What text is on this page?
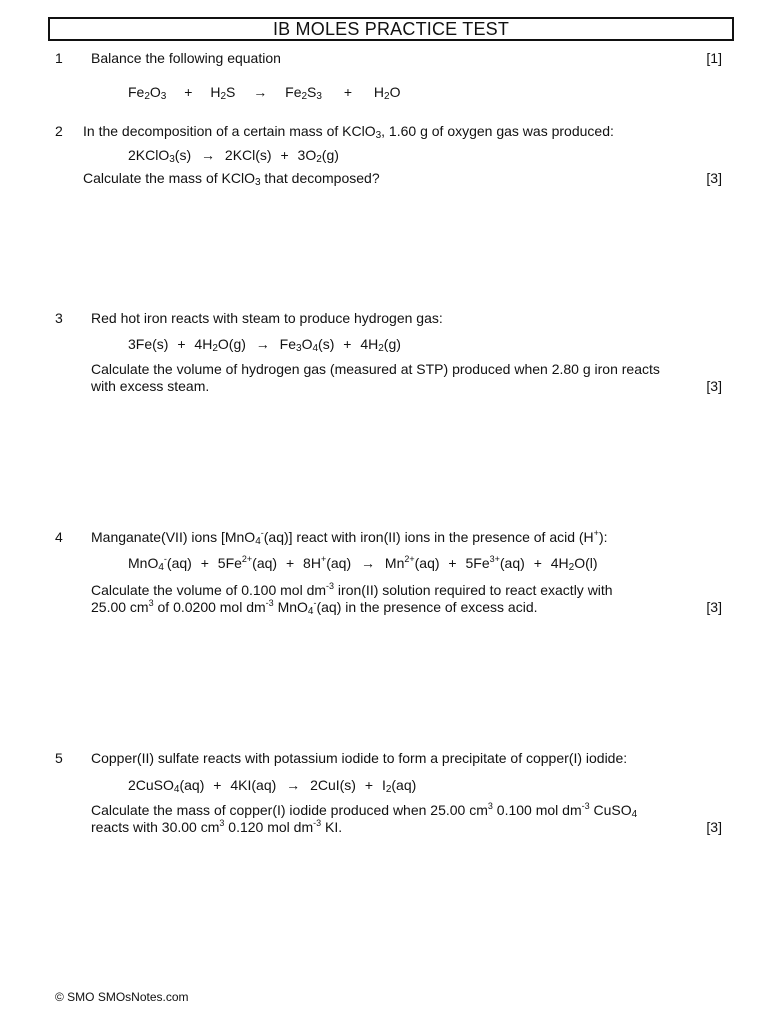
IB MOLES PRACTICE TEST
1 Balance the following equation	[1]
$Fe_2O_3 + H_2S \to Fe_2S_3 + H_2O$
2 In the decomposition of a certain mass of KClO$_3$, 1.60 g of oxygen gas was produced:
2KClO$_3$(s) → $2KCl(s) + 3O_2(g)$
Calculate the mass of KClO$_3$ that decomposed?	[3]
3 Red hot iron reacts with steam to produce hydrogen gas:
$3Fe(s) + 4H_2O(g) \to Fe_3O_4(s) + 4H_2(g)$
Calculate the volume of hydrogen gas (measured at STP) produced when 2.80 g iron reacts
with excess steam.	[3]
4 Manganate(VII) ions [MnO$_4$-(aq)] react with iron(II) ions in the presence of acid (H+):
$MnO_4^-(aq) + 5Fe^{2+}(aq) + 8H^+(aq) \to Mn^{2+}(aq) + 5Fe^{3+}(aq) + 4H_2O(l)$
Calculate the volume of 0.100 mol $dm^{-3}$ iron(II) solution required to react exactly with
25.00 $cm^3$ of 0.0200 mol $dm^{-3}$ MnO$_4$-(aq) in the presence of excess acid.	[3]
5 Copper(II) sulfate reacts with potassium iodide to form a precipitate of copper(I) iodide:
2CuSO$_4$(aq) + $4KI(aq) \to 2CuI(s) + I_2(aq)$
Calculate the mass of copper(I) iodide produced when 25.00 $cm^3$ 0.100 mol $dm^{-3}$ CuSO$_4$
reacts with 30.00 $cm^3$ 0.120 mol $dm^{-3}$ KI.	[3]
© SMO SMOsNotes.com
